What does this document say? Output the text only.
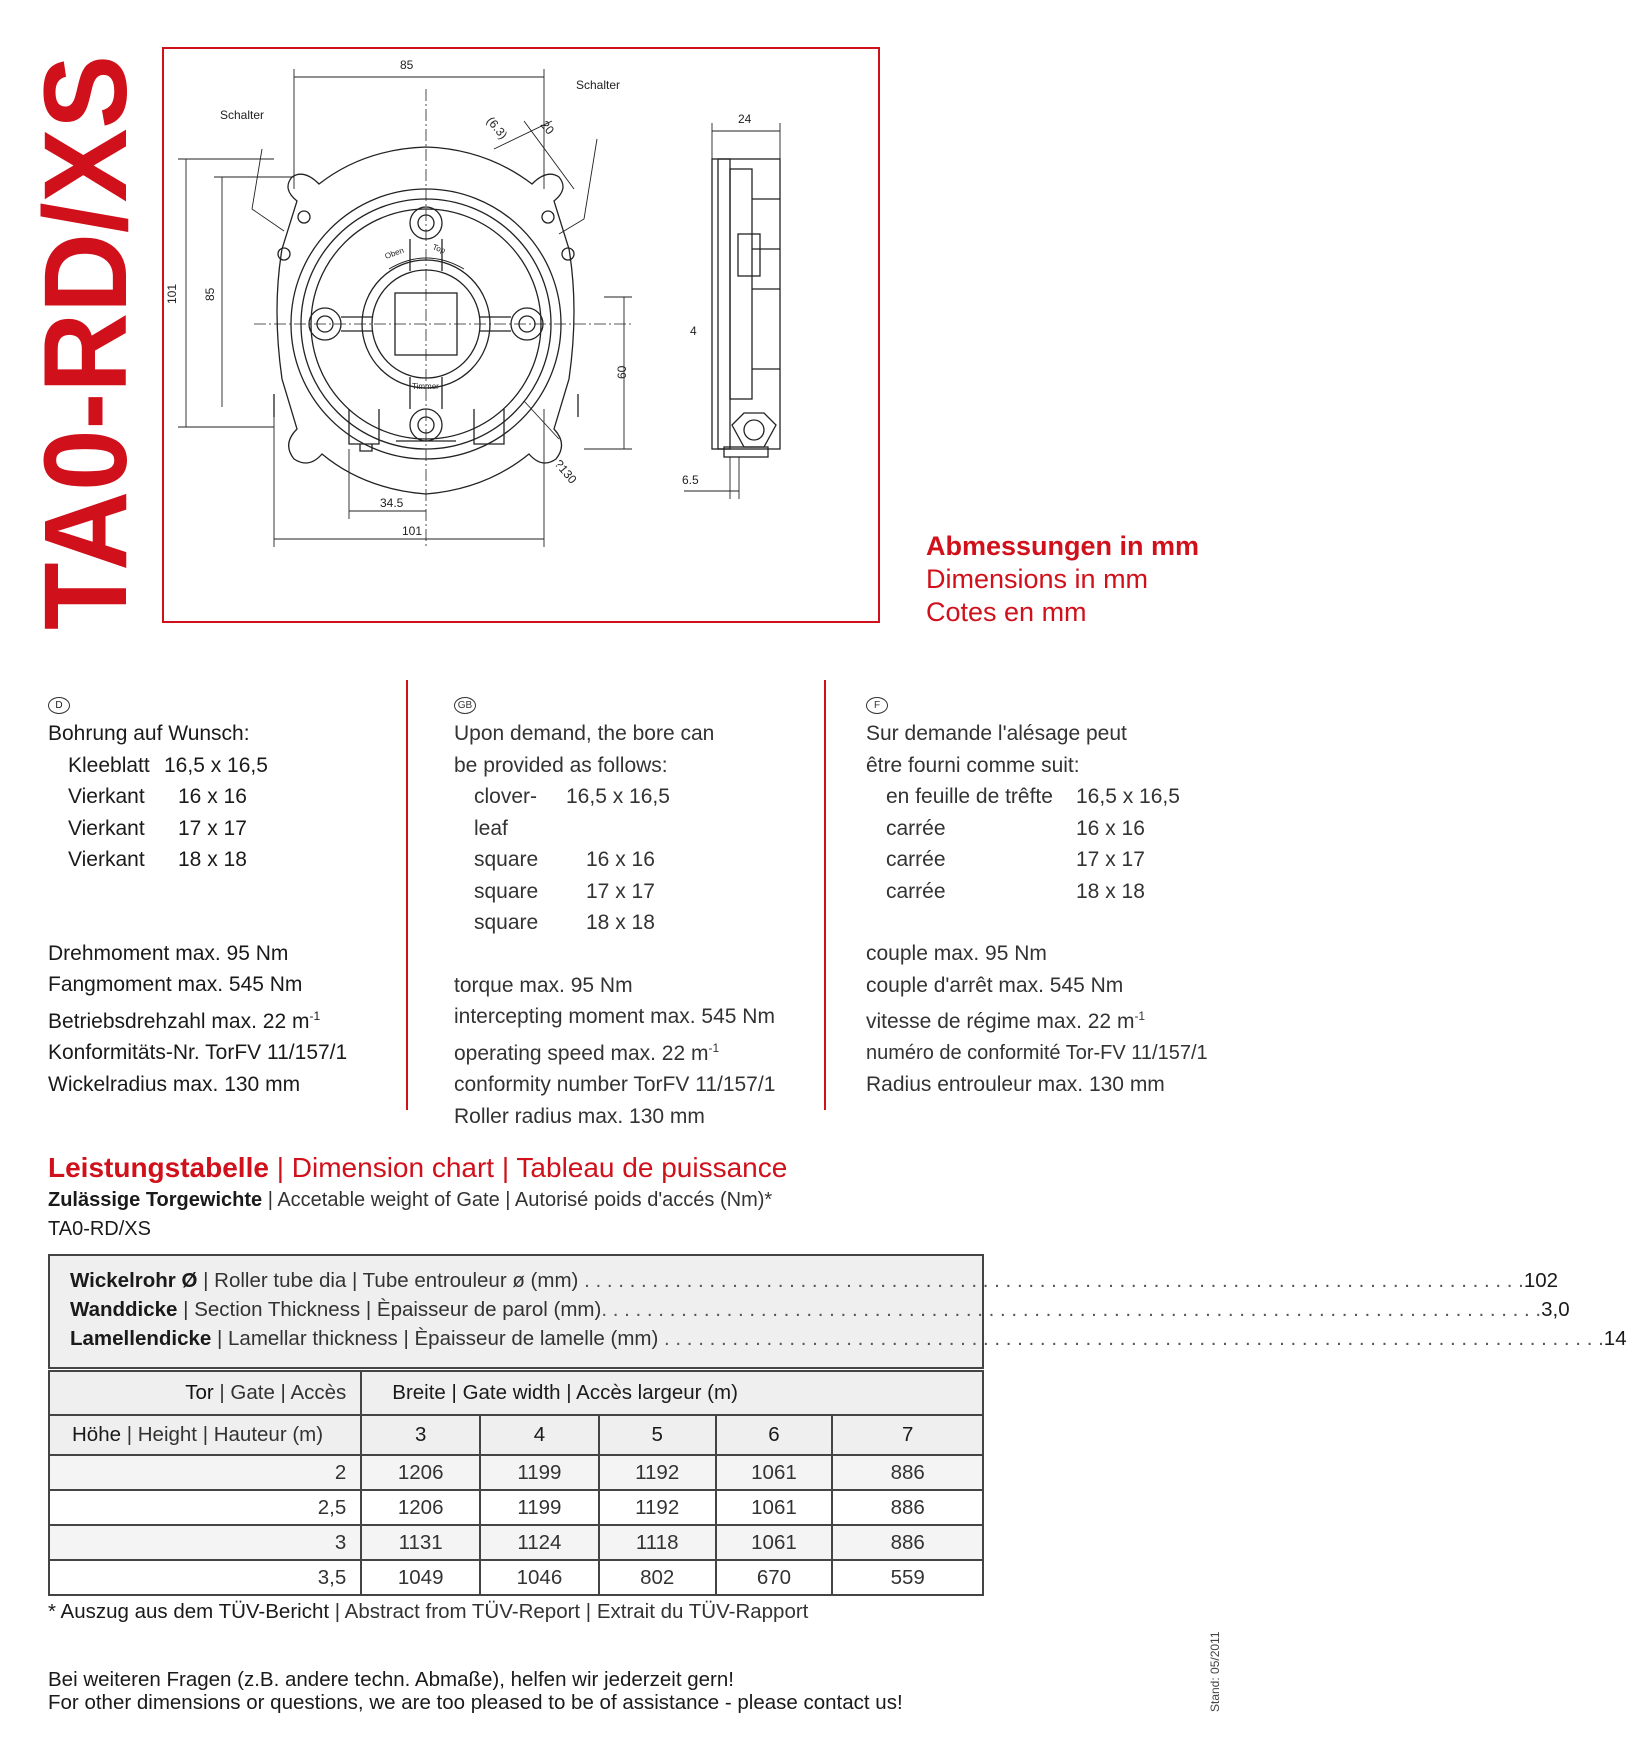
TA0-RD/XS	Oben	Top
Timmer
85
Schalter
Schalter
(6.3) 20	24
101 85
4
60
?130	6.5
34.5
101	Abmessungen in mm
Dimensions in mm
Cotes en mm
D
Bohrung auf Wunsch:
Kleeblatt 16,5 x 16,5
Vierkant	16 x 16
Vierkant	17 x 17
Vierkant	18 x 18
Drehmoment max. 95 Nm
Fangmoment max. 545 Nm
Betriebsdrehzahl max. 22 $m^{-1}$
Konformitäts-Nr. TorFV 11/157/1
Wickelradius max. 130 mm
GB
Upon demand, the bore can
be provided as follows:
clover-leaf
16,5 x 16,5
square	16 x 16
square	17 x 17
square	18 x 18
torque max. 95 Nm
intercepting moment max. 545 Nm
operating speed max. 22 $m^{-1}$
conformity number TorFV 11/157/1
Roller radius max. 130 mm
F
Sur demande l'alésage peut
être fourni comme suit:
en feuille de trêfte	16,5 x 16,5
carrée	16 x 16
carrée	17 x 17
carrée	18 x 18
couple max. 95 Nm
couple d'arrêt max. 545 Nm
vitesse de régime max. 22 $m^{-1}$
numéro de conformité Tor-FV 11/157/1
Radius entrouleur max. 130 mm
Leistungstabelle | Dimension chart | Tableau de puissance
Zulässige Torgewichte | Accetable weight of Gate | Autorisé poids d'accés (Nm)*
TA0-RD/XS
Wickelrohr Ø | Roller tube dia | Tube entrouleur ø (mm) . . .	102
Wanddicke | Section Thickness | Èpaisseur de parol (mm) . . .	3,0
Lamellendicke | Lamellar thickness | Èpaisseur de lamelle (mm) . . .	14
Tor | Gate | Accès	Breite | Gate width | Accès largeur (m)				
Höhe | Height | Hauteur (m)	3	4	5	6	7
2	1206	1199	1192	1061	886
2,5	1206	1199	1192	1061	886
3	1131	1124	1118	1061	886
3,5	1049	1046	802	670	559
* Auszug aus dem TÜV-Bericht | Abstract from TÜV-Report | Extrait du TÜV-Rapport
Bei weiteren Fragen (z.B. andere techn. Abmaße), helfen wir jederzeit gern!
For other dimensions or questions, we are too pleased to be of assistance - please contact us!	Stand: 05/2011
